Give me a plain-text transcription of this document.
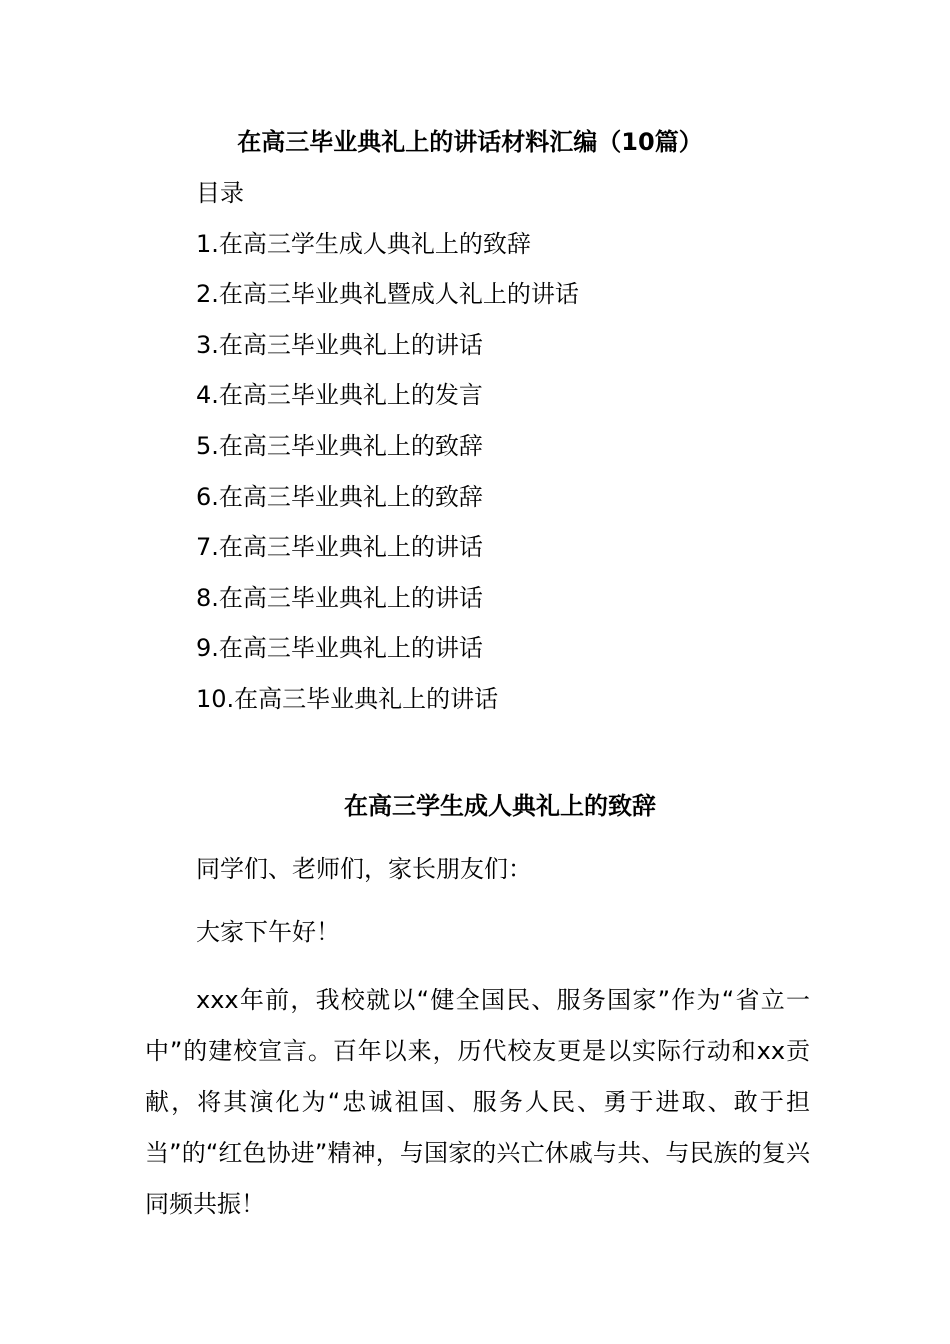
在高三毕业典礼上的讲话材料汇编（10篇）
目录
1.在高三学生成人典礼上的致辞
2.在高三毕业典礼暨成人礼上的讲话
3.在高三毕业典礼上的讲话
4.在高三毕业典礼上的发言
5.在高三毕业典礼上的致辞
6.在高三毕业典礼上的致辞
7.在高三毕业典礼上的讲话
8.在高三毕业典礼上的讲话
9.在高三毕业典礼上的讲话
10.在高三毕业典礼上的讲话
在高三学生成人典礼上的致辞

同学们、老师们，家长朋友们：

大家下午好！

xxx年前，我校就以“健全国民、服务国家”作为“省立一中”的建校宣言。百年以来，历代校友更是以实际行动和xx贡献，将其演化为“忠诚祖国、服务人民、勇于进取、敢于担当”的“红色协进”精神，与国家的兴亡休戚与共、与民族的复兴同频共振！
